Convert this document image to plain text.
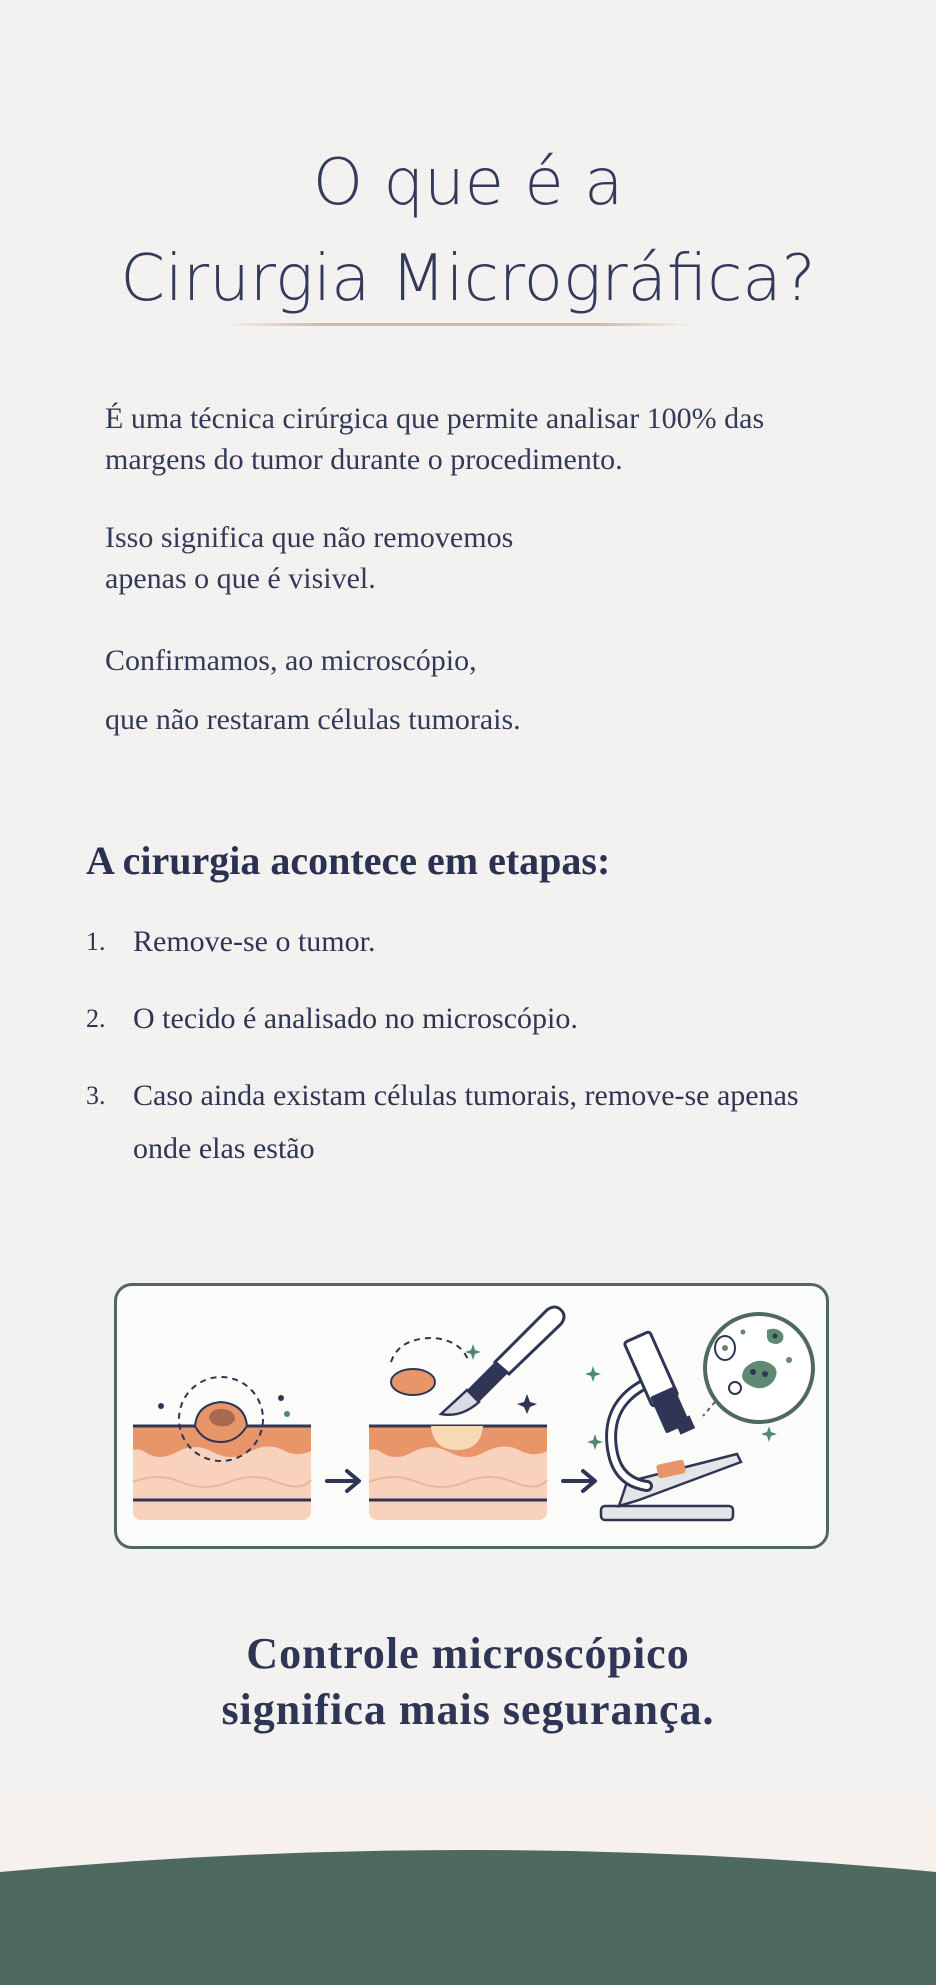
O que é a
Cirurgia Micrográfica?

É uma técnica cirúrgica que permite analisar 100% das margens do tumor durante o procedimento.

Isso significa que não removemos
apenas o que é visivel.

Confirmamos, ao microscópio,
que não restaram células tumorais.

A cirurgia acontece em etapas:
1. Remove-se o tumor.
2. O tecido é analisado no microscópio.
3. Caso ainda existam células tumorais, remove-se apenas onde elas estão
Controle microscópico
significa mais segurança.
